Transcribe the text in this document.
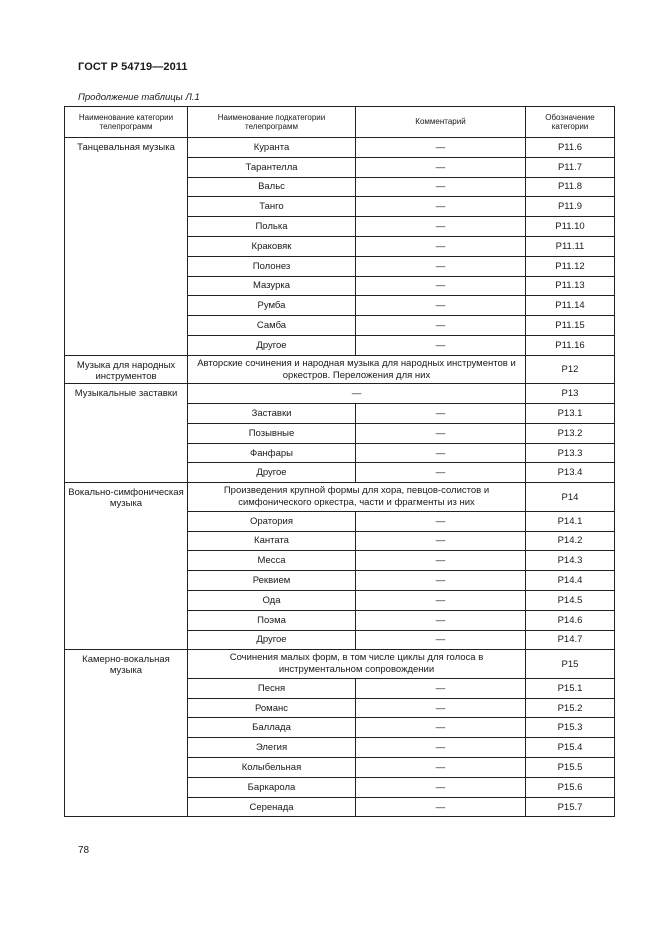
ГОСТ Р 54719—2011
Продолжение таблицы Л.1
Наименование категории телепрограмм	Наименование подкатегории телепрограмм	Комментарий	Обозначение категории
Танцевальная музыка	Куранта	—	P11.6
	Тарантелла	—	P11.7
	Вальс	—	P11.8
	Танго	—	P11.9
	Полька	—	P11.10
	Краковяк	—	P11.11
	Полонез	—	P11.12
	Мазурка	—	P11.13
	Румба	—	P11.14
	Самба	—	P11.15
	Другое	—	P11.16
Музыка для народных инструментов	Авторские сочинения и народная музыка для народных инструментов и оркестров. Переложения для них		P12
Музыкальные заставки	—		P13
	Заставки	—	P13.1
	Позывные	—	P13.2
	Фанфары	—	P13.3
	Другое	—	P13.4
Вокально-симфоническая музыка	Произведения крупной формы для хора, певцов-солистов и симфонического оркестра, части и фрагменты из них		P14
	Оратория	—	P14.1
	Кантата	—	P14.2
	Месса	—	P14.3
	Реквием	—	P14.4
	Ода	—	P14.5
	Поэма	—	P14.6
	Другое	—	P14.7
Камерно-вокальная музыка	Сочинения малых форм, в том числе циклы для голоса в инструментальном сопровождении		P15
	Песня	—	P15.1
	Романс	—	P15.2
	Баллада	—	P15.3
	Элегия	—	P15.4
	Колыбельная	—	P15.5
	Баркарола	—	P15.6
	Серенада	—	P15.7
78
